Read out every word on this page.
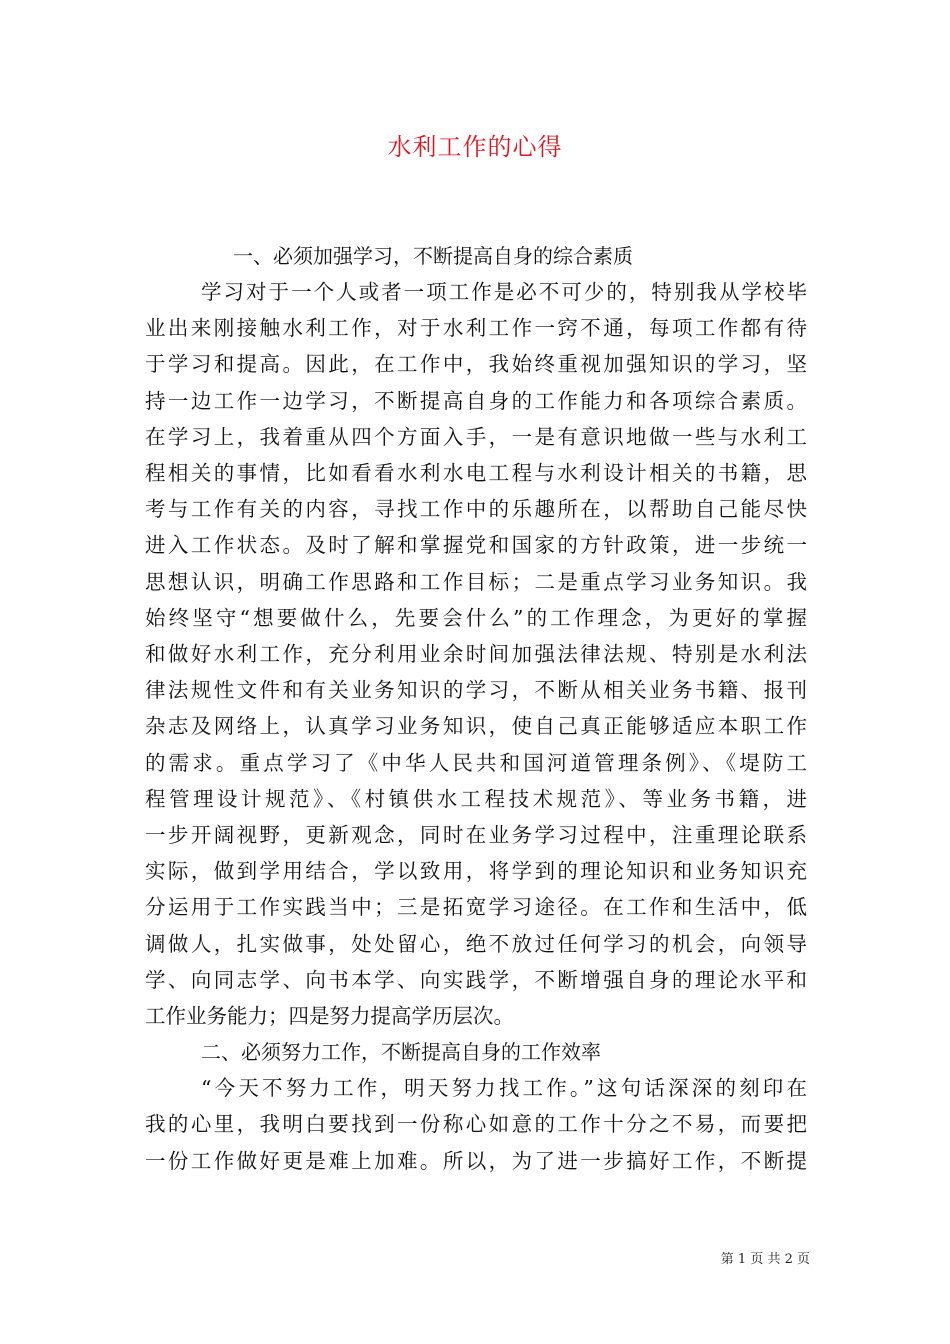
水利工作的心得

一、必须加强学习，不断提高自身的综合素质

学习对于一个人或者一项工作是必不可少的，特别我从学校毕
业出来刚接触水利工作，对于水利工作一窍不通，每项工作都有待
于学习和提高。因此，在工作中，我始终重视加强知识的学习，坚
持一边工作一边学习，不断提高自身的工作能力和各项综合素质。
在学习上，我着重从四个方面入手，一是有意识地做一些与水利工
程相关的事情，比如看看水利水电工程与水利设计相关的书籍，思
考与工作有关的内容，寻找工作中的乐趣所在，以帮助自己能尽快
进入工作状态。及时了解和掌握党和国家的方针政策，进一步统一
思想认识，明确工作思路和工作目标；二是重点学习业务知识。我
始终坚守“想要做什么，先要会什么”的工作理念，为更好的掌握
和做好水利工作，充分利用业余时间加强法律法规、特别是水利法
律法规性文件和有关业务知识的学习，不断从相关业务书籍、报刊
杂志及网络上，认真学习业务知识，使自己真正能够适应本职工作
的需求。重点学习了《中华人民共和国河道管理条例》、《堤防工
程管理设计规范》、《村镇供水工程技术规范》、等业务书籍，进
一步开阔视野，更新观念，同时在业务学习过程中，注重理论联系
实际，做到学用结合，学以致用，将学到的理论知识和业务知识充
分运用于工作实践当中；三是拓宽学习途径。在工作和生活中，低
调做人，扎实做事，处处留心，绝不放过任何学习的机会，向领导
学、向同志学、向书本学、向实践学，不断增强自身的理论水平和
工作业务能力；四是努力提高学历层次。

二、必须努力工作，不断提高自身的工作效率

“今天不努力工作，明天努力找工作。”这句话深深的刻印在
我的心里，我明白要找到一份称心如意的工作十分之不易，而要把
一份工作做好更是难上加难。所以，为了进一步搞好工作，不断提
第 1 页 共 2 页
